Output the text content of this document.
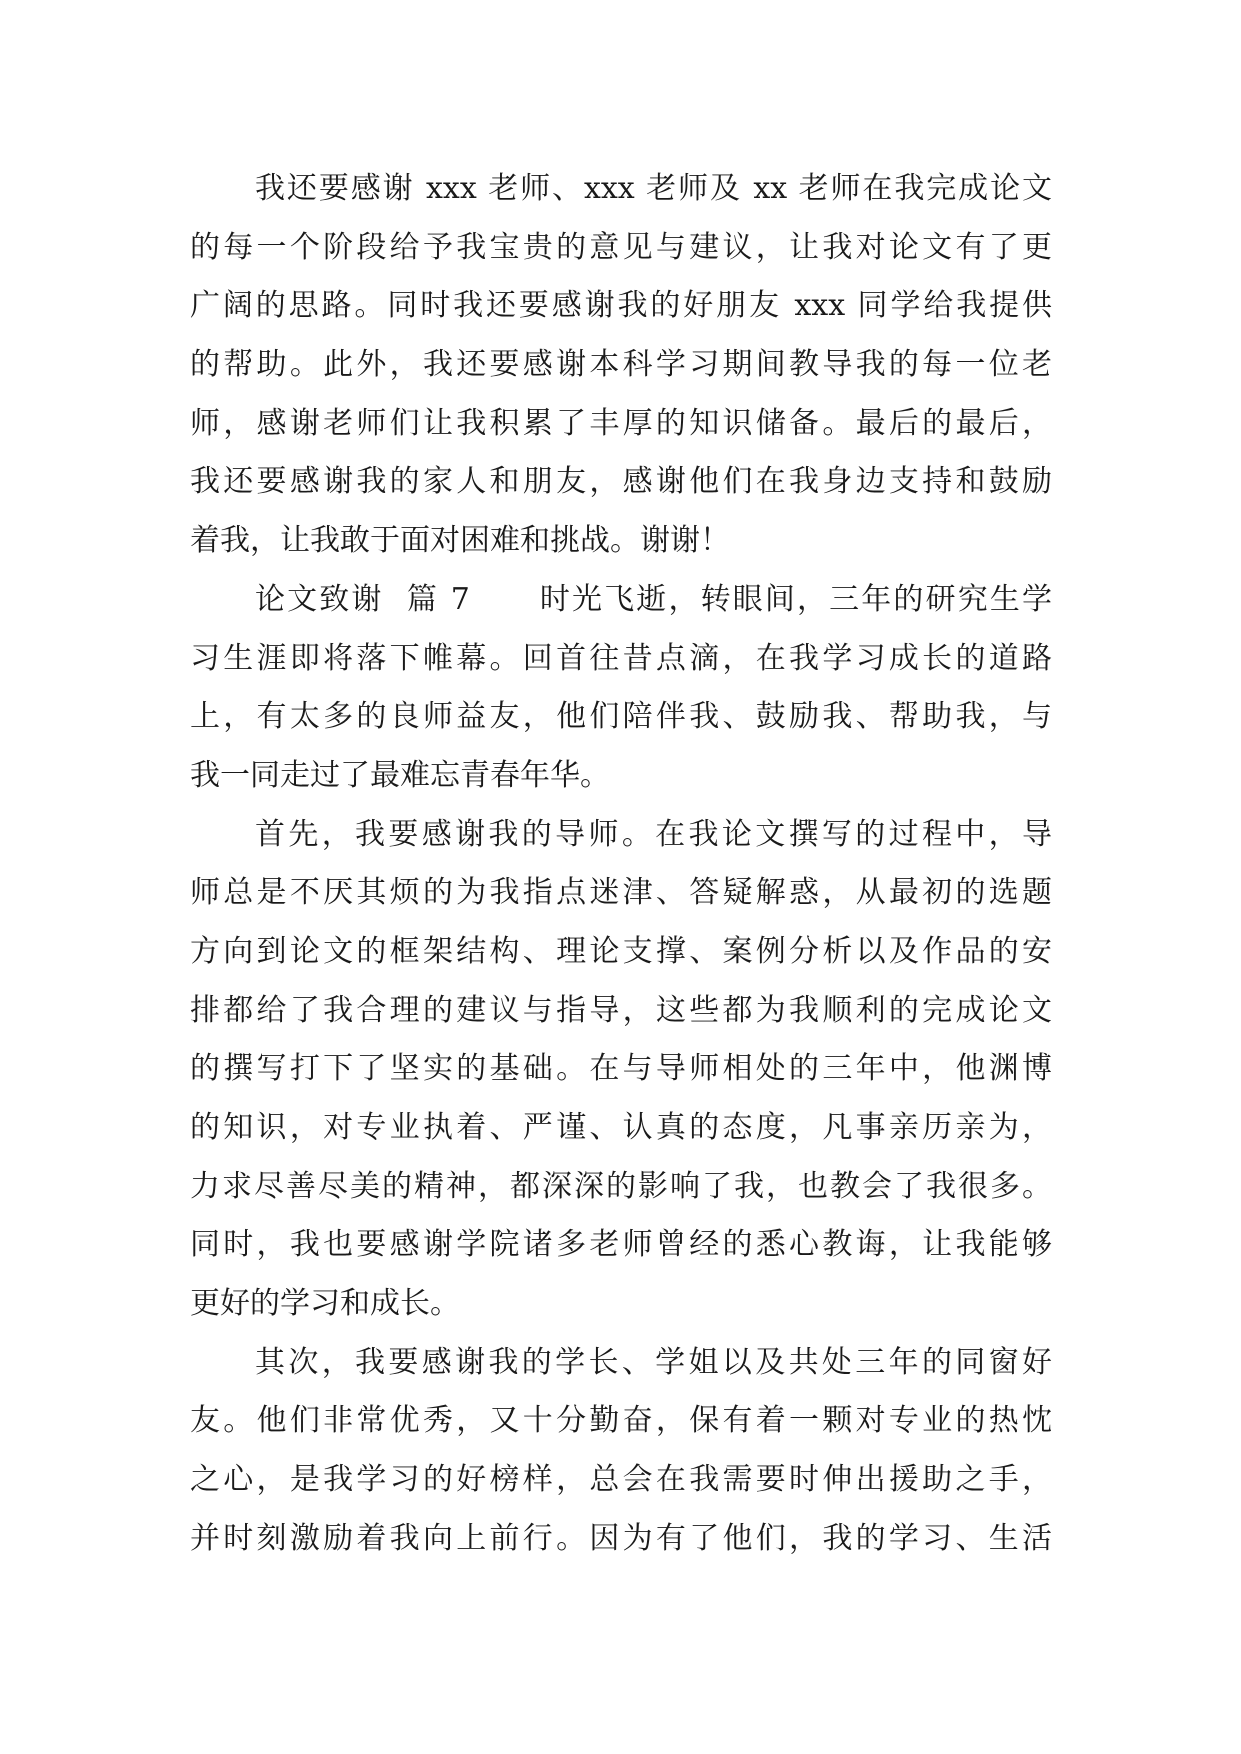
我还要感谢 xxx 老师、xxx 老师及 xx 老师在我完成论文
的每一个阶段给予我宝贵的意见与建议，让我对论文有了更
广阔的思路。同时我还要感谢我的好朋友 xxx 同学给我提供
的帮助。此外，我还要感谢本科学习期间教导我的每一位老
师，感谢老师们让我积累了丰厚的知识储备。最后的最后，
我还要感谢我的家人和朋友，感谢他们在我身边支持和鼓励
着我，让我敢于面对困难和挑战。谢谢！
论文致谢  篇 7      时光飞逝，转眼间，三年的研究生学
习生涯即将落下帷幕。回首往昔点滴，在我学习成长的道路
上，有太多的良师益友，他们陪伴我、鼓励我、帮助我，与
我一同走过了最难忘青春年华。
首先，我要感谢我的导师。在我论文撰写的过程中，导
师总是不厌其烦的为我指点迷津、答疑解惑，从最初的选题
方向到论文的框架结构、理论支撑、案例分析以及作品的安
排都给了我合理的建议与指导，这些都为我顺利的完成论文
的撰写打下了坚实的基础。在与导师相处的三年中，他渊博
的知识，对专业执着、严谨、认真的态度，凡事亲历亲为，
力求尽善尽美的精神，都深深的影响了我，也教会了我很多。
同时，我也要感谢学院诸多老师曾经的悉心教诲，让我能够
更好的学习和成长。
其次，我要感谢我的学长、学姐以及共处三年的同窗好
友。他们非常优秀，又十分勤奋，保有着一颗对专业的热忱
之心，是我学习的好榜样，总会在我需要时伸出援助之手，
并时刻激励着我向上前行。因为有了他们，我的学习、生活
